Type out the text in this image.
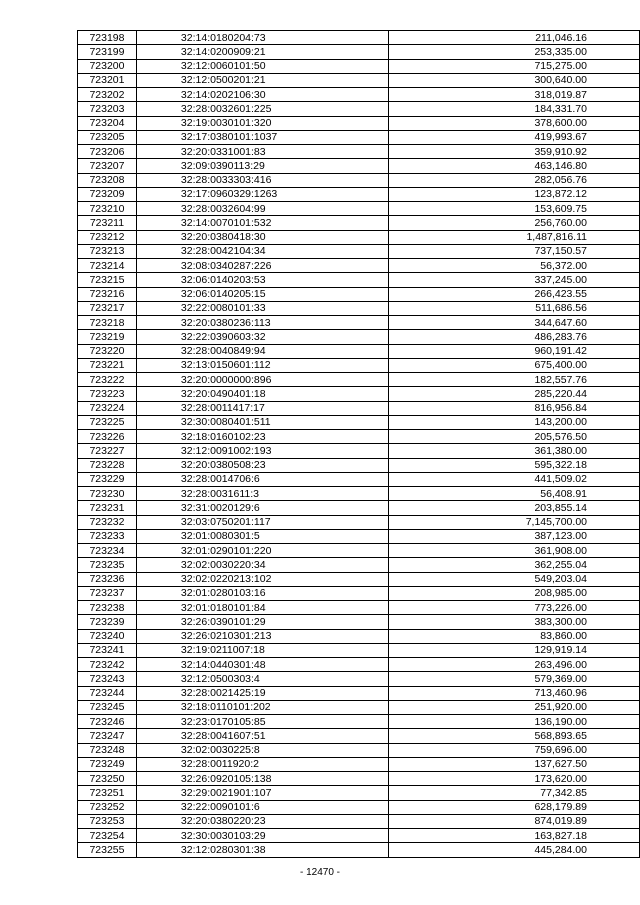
723198	32:14:0180204:73	211,046.16
723199	32:14:0200909:21	253,335.00
723200	32:12:0060101:50	715,275.00
723201	32:12:0500201:21	300,640.00
723202	32:14:0202106:30	318,019.87
723203	32:28:0032601:225	184,331.70
723204	32:19:0030101:320	378,600.00
723205	32:17:0380101:1037	419,993.67
723206	32:20:0331001:83	359,910.92
723207	32:09:0390113:29	463,146.80
723208	32:28:0033303:416	282,056.76
723209	32:17:0960329:1263	123,872.12
723210	32:28:0032604:99	153,609.75
723211	32:14:0070101:532	256,760.00
723212	32:20:0380418:30	1,487,816.11
723213	32:28:0042104:34	737,150.57
723214	32:08:0340287:226	56,372.00
723215	32:06:0140203:53	337,245.00
723216	32:06:0140205:15	266,423.55
723217	32:22:0080101:33	511,686.56
723218	32:20:0380236:113	344,647.60
723219	32:22:0390603:32	486,283.76
723220	32:28:0040849:94	960,191.42
723221	32:13:0150601:112	675,400.00
723222	32:20:0000000:896	182,557.76
723223	32:20:0490401:18	285,220.44
723224	32:28:0011417:17	816,956.84
723225	32:30:0080401:511	143,200.00
723226	32:18:0160102:23	205,576.50
723227	32:12:0091002:193	361,380.00
723228	32:20:0380508:23	595,322.18
723229	32:28:0014706:6	441,509.02
723230	32:28:0031611:3	56,408.91
723231	32:31:0020129:6	203,855.14
723232	32:03:0750201:117	7,145,700.00
723233	32:01:0080301:5	387,123.00
723234	32:01:0290101:220	361,908.00
723235	32:02:0030220:34	362,255.04
723236	32:02:0220213:102	549,203.04
723237	32:01:0280103:16	208,985.00
723238	32:01:0180101:84	773,226.00
723239	32:26:0390101:29	383,300.00
723240	32:26:0210301:213	83,860.00
723241	32:19:0211007:18	129,919.14
723242	32:14:0440301:48	263,496.00
723243	32:12:0500303:4	579,369.00
723244	32:28:0021425:19	713,460.96
723245	32:18:0110101:202	251,920.00
723246	32:23:0170105:85	136,190.00
723247	32:28:0041607:51	568,893.65
723248	32:02:0030225:8	759,696.00
723249	32:28:0011920:2	137,627.50
723250	32:26:0920105:138	173,620.00
723251	32:29:0021901:107	77,342.85
723252	32:22:0090101:6	628,179.89
723253	32:20:0380220:23	874,019.89
723254	32:30:0030103:29	163,827.18
723255	32:12:0280301:38	445,284.00
- 12470 -
